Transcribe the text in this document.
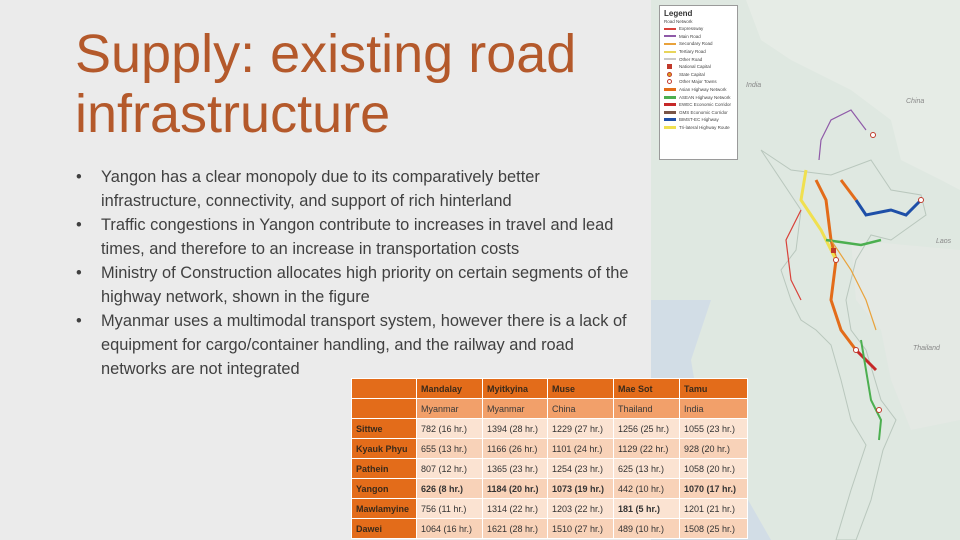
Supply: existing road infrastructure
• Yangon has a clear monopoly due to its comparatively better infrastructure, connectivity, and support of rich hinterland
• Traffic congestions in Yangon contribute to increases in travel and lead times, and therefore to an increase in transportation costs
• Ministry of Construction allocates high priority on certain segments of the highway network, shown in the figure
• Myanmar uses a multimodal transport system, however there is a lack of equipment for cargo/container handling, and the railway and road networks are not integrated
India
China
Laos
Thailand
Legend
Road Network
Expressway
Main Road
Secondary Road
Tertiary Road
Other Road
National Capital
State Capital
Other Major Towns
Asian Highway Network
ASEAN Highway Network
EWEC Economic Corridor
GMS Economic Corridor
BIMST-EC Highway
Tri-lateral Highway Route
	Mandalay	Myitkyina	Muse	Mae Sot	Tamu
	Myanmar	Myanmar	China	Thailand	India
Sittwe	782 (16 hr.)	1394 (28 hr.)	1229 (27 hr.)	1256 (25 hr.)	1055 (23 hr.)
Kyauk Phyu	655 (13 hr.)	1166 (26 hr.)	1101 (24 hr.)	1129 (22 hr.)	928 (20 hr.)
Pathein	807 (12 hr.)	1365 (23 hr.)	1254 (23 hr.)	625 (13 hr.)	1058 (20 hr.)
Yangon	626 (8 hr.)	1184 (20 hr.)	1073 (19 hr.)	442 (10 hr.)	1070 (17 hr.)
Mawlamyine	756 (11 hr.)	1314 (22 hr.)	1203 (22 hr.)	181 (5 hr.)	1201 (21 hr.)
Dawei	1064 (16 hr.)	1621 (28 hr.)	1510 (27 hr.)	489 (10 hr.)	1508 (25 hr.)
